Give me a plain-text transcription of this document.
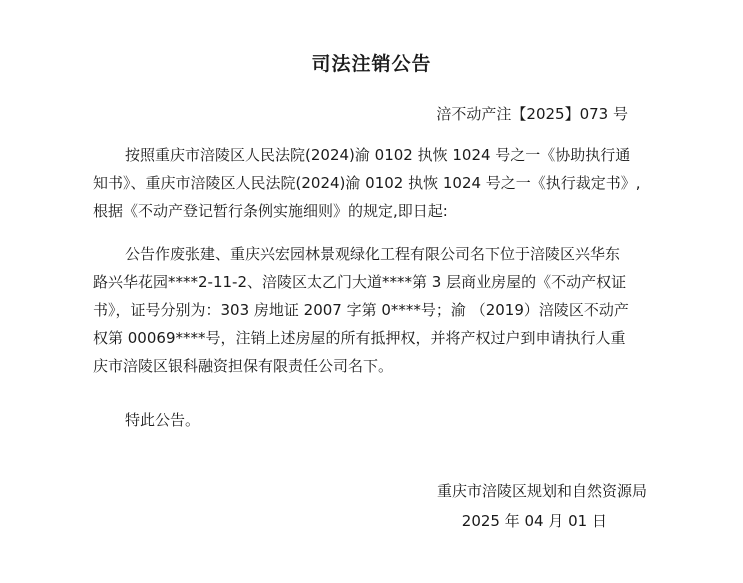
司法注销公告
涪不动产注【2025】073 号

按照重庆市涪陵区人民法院(2024)渝 0102 执恢 1024 号之一《协助执行通
知书》、重庆市涪陵区人民法院(2024)渝 0102 执恢 1024 号之一《执行裁定书》,
根据《不动产登记暂行条例实施细则》的规定,即日起:

公告作废张建、重庆兴宏园林景观绿化工程有限公司名下位于涪陵区兴华东
路兴华花园****2-11-2、涪陵区太乙门大道****第 3 层商业房屋的《不动产权证
书》，证号分别为：303 房地证 2007 字第 0****号；渝 （2019）涪陵区不动产
权第 00069****号，注销上述房屋的所有抵押权，并将产权过户到申请执行人重
庆市涪陵区银科融资担保有限责任公司名下。

特此公告。

重庆市涪陵区规划和自然资源局
2025 年 04 月 01 日
